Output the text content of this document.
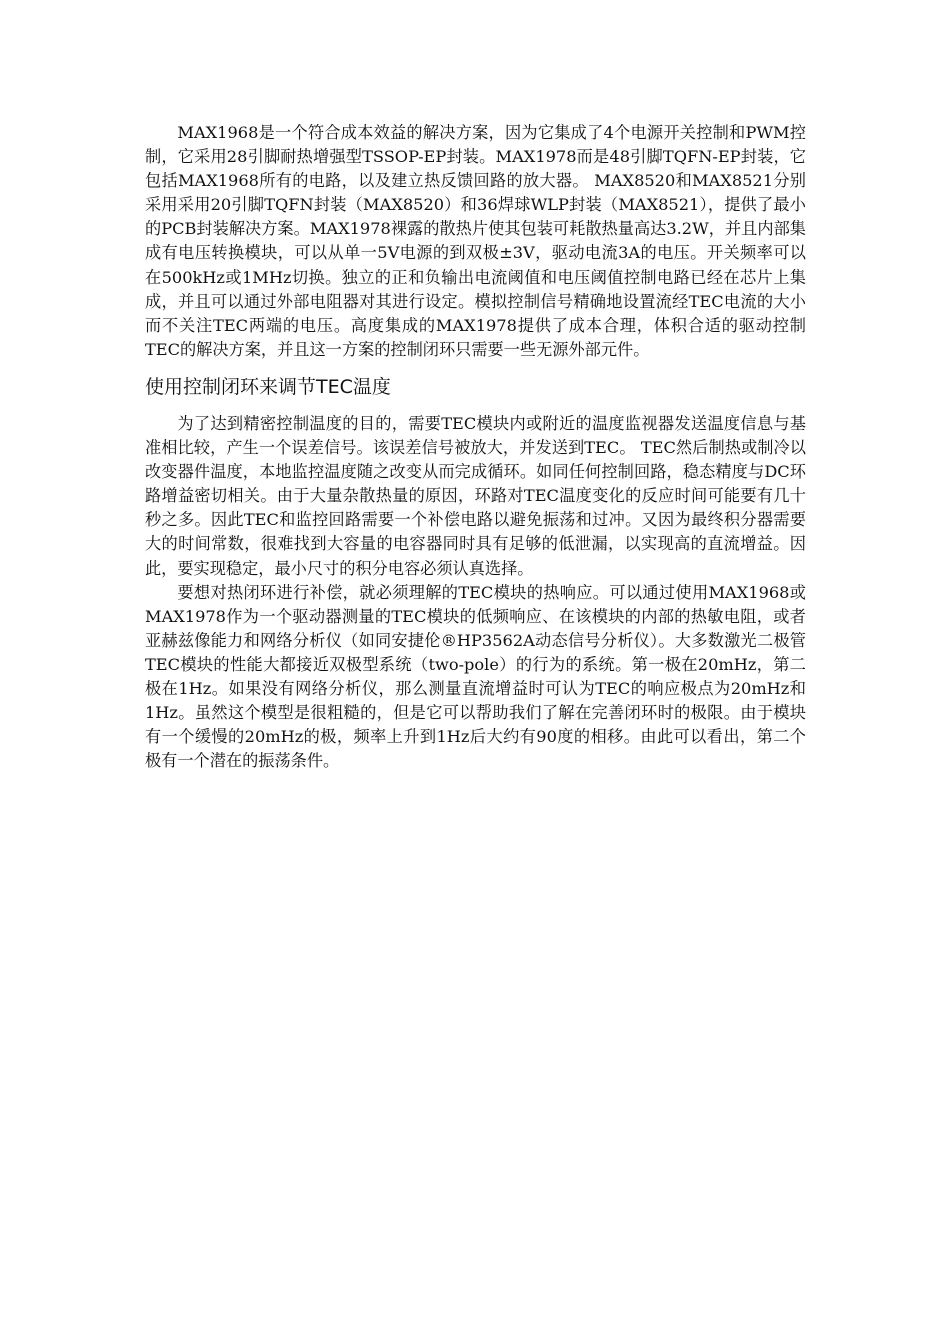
MAX1968是一个符合成本效益的解决方案，因为它集成了4个电源开关控制和PWM控制，它采用28引脚耐热增强型TSSOP-EP封装。MAX1978而是48引脚TQFN-EP封装，它包括MAX1968所有的电路，以及建立热反馈回路的放大器。 MAX8520和MAX8521分别采用采用20引脚TQFN封装（MAX8520）和36焊球WLP封装（MAX8521），提供了最小的PCB封装解决方案。MAX1978裸露的散热片使其包装可耗散热量高达3.2W，并且内部集成有电压转换模块，可以从单一5V电源的到双极±3V，驱动电流3A的电压。开关频率可以在500kHz或1MHz切换。独立的正和负输出电流阈值和电压阈值控制电路已经在芯片上集成，并且可以通过外部电阻器对其进行设定。模拟控制信号精确地设置流经TEC电流的大小而不关注TEC两端的电压。高度集成的MAX1978提供了成本合理，体积合适的驱动控制TEC的解决方案，并且这一方案的控制闭环只需要一些无源外部元件。

使用控制闭环来调节TEC温度

为了达到精密控制温度的目的，需要TEC模块内或附近的温度监视器发送温度信息与基准相比较，产生一个误差信号。该误差信号被放大，并发送到TEC。 TEC然后制热或制冷以改变器件温度，本地监控温度随之改变从而完成循环。如同任何控制回路，稳态精度与DC环路增益密切相关。由于大量杂散热量的原因，环路对TEC温度变化的反应时间可能要有几十秒之多。因此TEC和监控回路需要一个补偿电路以避免振荡和过冲。又因为最终积分器需要大的时间常数，很难找到大容量的电容器同时具有足够的低泄漏，以实现高的直流增益。因此，要实现稳定，最小尺寸的积分电容必须认真选择。

要想对热闭环进行补偿，就必须理解的TEC模块的热响应。可以通过使用MAX1968或MAX1978作为一个驱动器测量的TEC模块的低频响应、在该模块的内部的热敏电阻，或者亚赫兹像能力和网络分析仪（如同安捷伦®HP3562A动态信号分析仪）。大多数激光二极管TEC模块的性能大都接近双极型系统（two-pole）的行为的系统。第一极在20mHz，第二极在1Hz。如果没有网络分析仪，那么测量直流增益时可认为TEC的响应极点为20mHz和1Hz。虽然这个模型是很粗糙的，但是它可以帮助我们了解在完善闭环时的极限。由于模块有一个缓慢的20mHz的极，频率上升到1Hz后大约有90度的相移。由此可以看出，第二个极有一个潜在的振荡条件。
